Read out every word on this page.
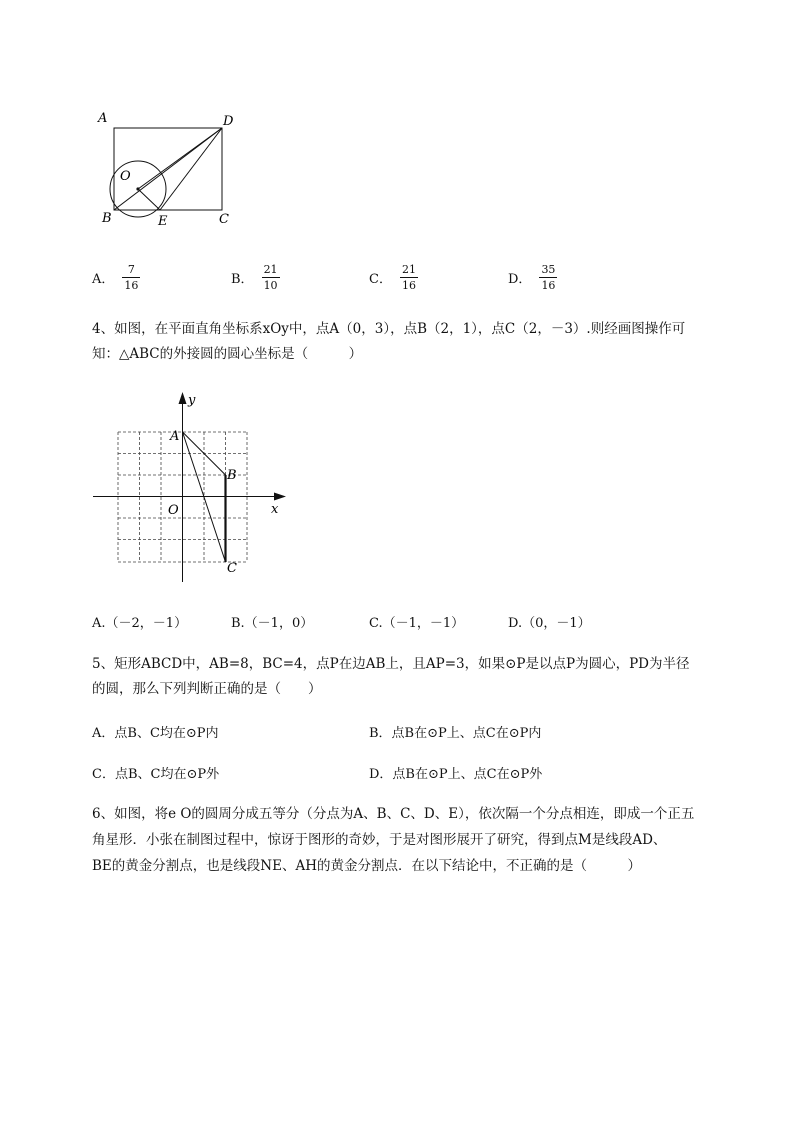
A	D
O
B	E	C
A． $\frac{7}{16}$	B． $\frac{21}{10}$	C． $\frac{21}{16}$	D． $\frac{35}{16}$
4、如图，在平面直角坐标系xOy中，点A（0，3），点B（2，1），点C（2，－3）.则经画图操作可
知：△ABC的外接圆的圆心坐标是（　　　）
y
x
O
A
B
C
A.（－2，－1）	B.（－1，0）	C.（－1，－1）	D.（0，－1）
5、矩形ABCD中，AB=8，BC=4，点P在边AB上，且AP=3，如果⊙P是以点P为圆心，PD为半径
的圆，那么下列判断正确的是（　　）
A．点B、C均在⊙P内	B．点B在⊙P上、点C在⊙P内
C．点B、C均在⊙P外	D．点B在⊙P上、点C在⊙P外
6、如图，将e O的圆周分成五等分（分点为A、B、C、D、E），依次隔一个分点相连，即成一个正五
角星形．小张在制图过程中，惊讶于图形的奇妙，于是对图形展开了研究，得到点M是线段AD、
BE的黄金分割点，也是线段NE、AH的黄金分割点．在以下结论中，不正确的是（　　　）
